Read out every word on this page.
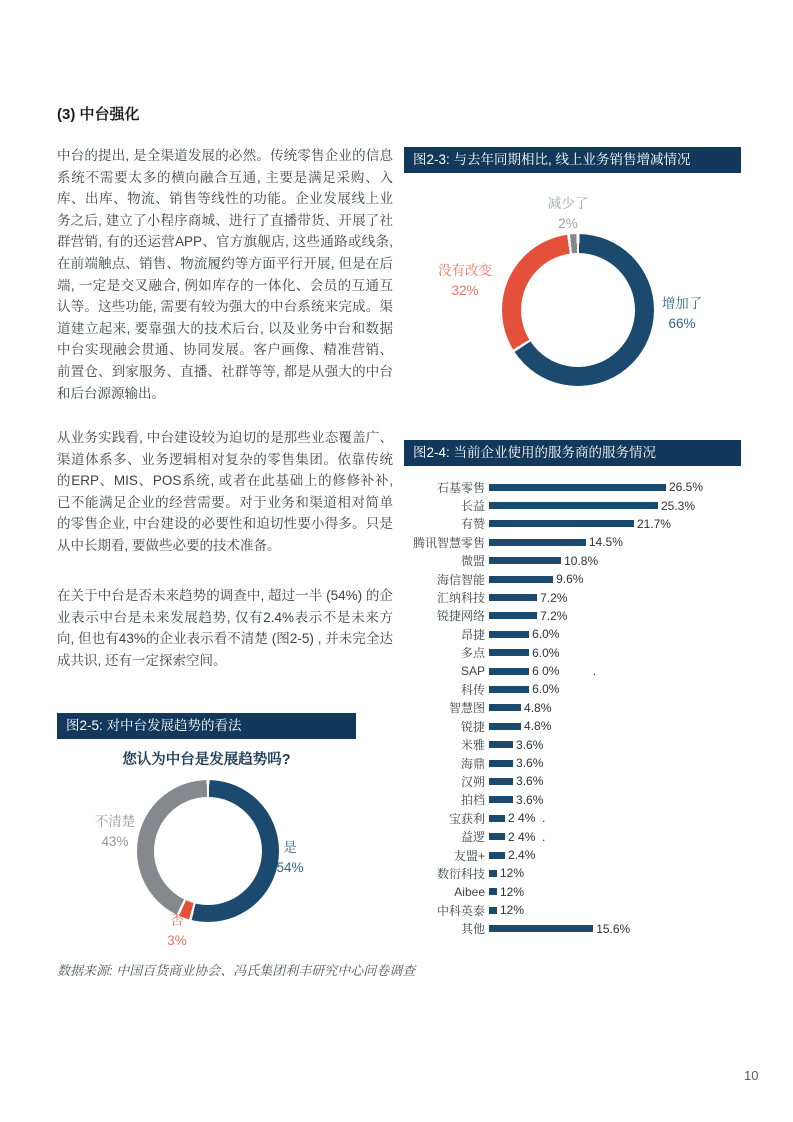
(3) 中台强化
中台的提出, 是全渠道发展的必然。传统零售企业的信息系统不需要太多的横向融合互通, 主要是满足采购、入库、出库、物流、销售等线性的功能。企业发展线上业务之后, 建立了小程序商城、进行了直播带货、开展了社群营销, 有的还运营APP、官方旗舰店, 这些通路或线条, 在前端触点、销售、物流履约等方面平行开展, 但是在后端, 一定是交叉融合, 例如库存的一体化、会员的互通互认等。这些功能, 需要有较为强大的中台系统来完成。渠道建立起来, 要靠强大的技术后台, 以及业务中台和数据中台实现融会贯通、协同发展。客户画像、精准营销、前置仓、到家服务、直播、社群等等, 都是从强大的中台和后台源源输出。
从业务实践看, 中台建设较为迫切的是那些业态覆盖广、渠道体系多、业务逻辑相对复杂的零售集团。依靠传统的ERP、MIS、POS系统, 或者在此基础上的修修补补, 已不能满足企业的经营需要。对于业务和渠道相对简单的零售企业, 中台建设的必要性和迫切性要小得多。只是从中长期看, 要做些必要的技术准备。
在关于中台是否未来趋势的调查中, 超过一半 (54%) 的企业表示中台是未来发展趋势, 仅有2.4%表示不是未来方向, 但也有43%的企业表示看不清楚 (图2-5) , 并未完全达成共识, 还有一定探索空间。
图2-3: 与去年同期相比, 线上业务销售增减情况
增加了
66%
没有改变
32%
减少了
2%
图2-4: 当前企业使用的服务商的服务情况
石基零售	26.5%
长益	25.3%
有赞	21.7%
腾讯智慧零售	14.5%
微盟	10.8%
海信智能	9.6%
汇纳科技	7.2%
锐捷网络	7.2%
昂捷	6.0%
多点	6.0%
SAP	6 0%          .
科传	6.0%
智慧图	4.8%
锐捷	4.8%
米雅	3.6%
海鼎	3.6%
汉朔	3.6%
拍档	3.6%
宝获利 2 4%  .
益逻 2 4%  .
友盟+ 2.4%
数衍科技 12%
Aibee 12%
中科英泰 12%
其他	15.6%
图2-5: 对中台发展趋势的看法
您认为中台是发展趋势吗?
是
54%
否
3%
不清楚
43%
数据来源: 中国百货商业协会、冯氏集团利丰研究中心问卷调查
10
